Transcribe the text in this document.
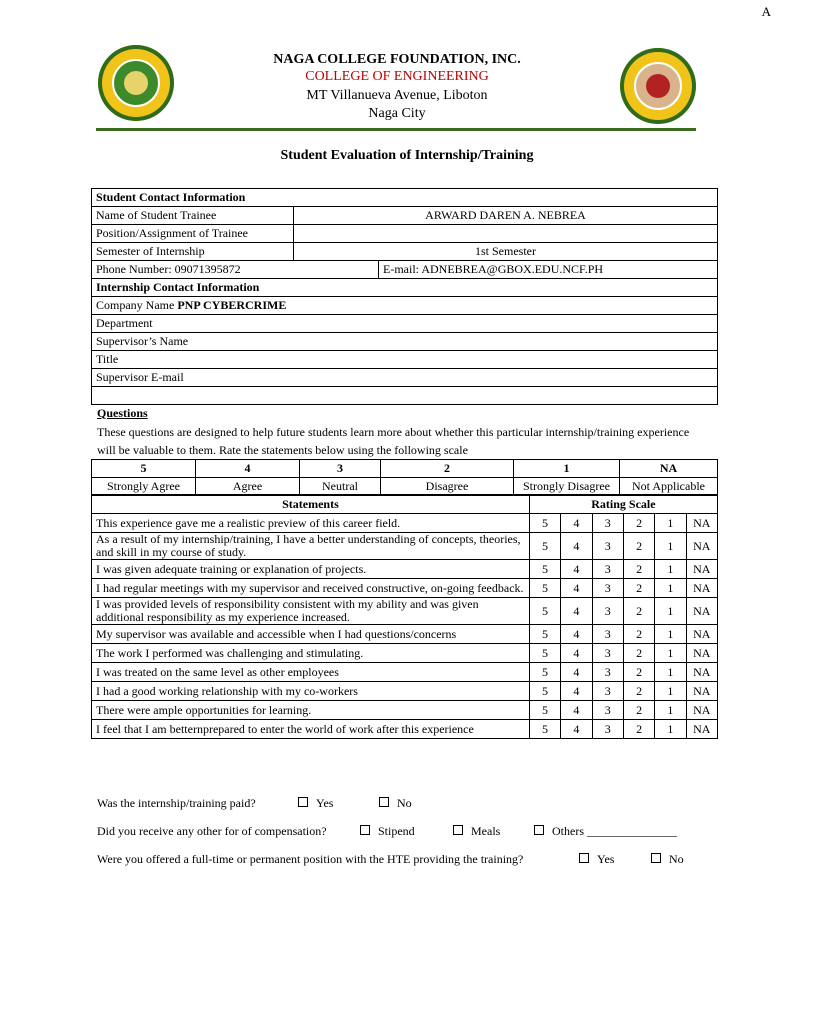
A
NAGA COLLEGE FOUNDATION, INC.
COLLEGE OF ENGINEERING
MT Villanueva Avenue, Liboton
Naga City
Student Evaluation of Internship/Training
Student Contact Information		
Name of Student Trainee	ARWARD DAREN A. NEBREA	
Position/Assignment of Trainee		
Semester of Internship	1st Semester	
Phone Number: 09071395872		E-mail: ADNEBREA@GBOX.EDU.NCF.PH
Internship Contact Information		
Company Name PNP CYBERCRIME		
Department		
Supervisor’s Name		
Title		
Supervisor E-mail		

Questions
These questions are designed to help future students learn more about whether this particular internship/training experience will be valuable to them. Rate the statements below using the following scale
5	4	3	2	1	NA
Strongly Agree	Agree	Neutral	Disagree	Strongly Disagree	Not Applicable
Statements	Rating Scale					
This experience gave me a realistic preview of this career field.	5	4	3	2	1	NA
As a result of my internship/training, I have a better understanding of concepts, theories, and skill in my course of study.	5	4	3	2	1	NA
I was given adequate training or explanation of projects.	5	4	3	2	1	NA
I had regular meetings with my supervisor and received constructive, on-going feedback.	5	4	3	2	1	NA
I was provided levels of responsibility consistent with my ability and was given additional responsibility as my experience increased.	5	4	3	2	1	NA
My supervisor was available and accessible when I had questions/concerns	5	4	3	2	1	NA
The work I performed was challenging and stimulating.	5	4	3	2	1	NA
I was treated on the same level as other employees	5	4	3	2	1	NA
I had a good working relationship with my co-workers	5	4	3	2	1	NA
There were ample opportunities for learning.	5	4	3	2	1	NA
I feel that I am betternprepared to enter the world of work after this experience	5	4	3	2	1	NA
Was the internship/training paid?	Yes	No
Did you receive any other for of compensation?	Stipend	Meals	Others _______________
Were you offered a full-time or permanent position with the HTE providing the training?	Yes	No
